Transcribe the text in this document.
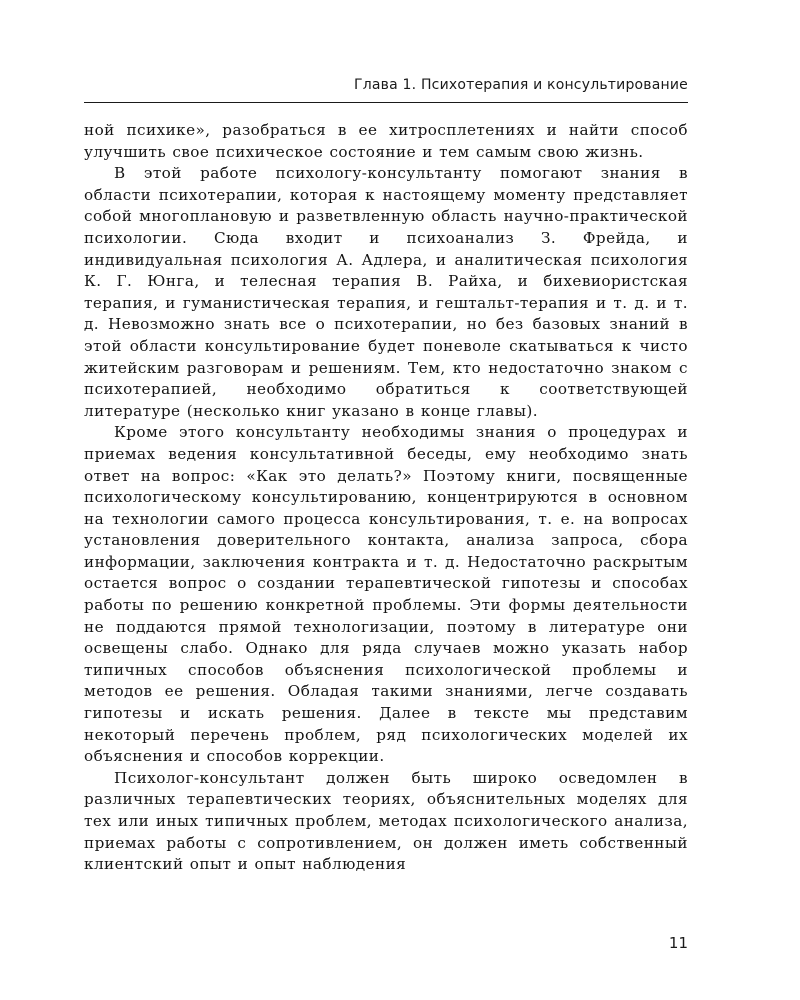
Глава 1. Психотерапия и консультирование

ной психике», разобраться в ее хитросплетениях и найти способ улучшить свое психическое состояние и тем самым свою жизнь.

В этой работе психологу-консультанту помогают знания в области психотерапии, которая к настоящему моменту представляет собой многоплановую и разветвленную область научно-практической психологии. Сюда входит и психоанализ З. Фрейда, и индивидуальная психология А. Адлера, и аналитическая психология К. Г. Юнга, и телесная терапия В. Райха, и бихевиористская терапия, и гуманистическая терапия, и гештальт-терапия и т. д. и т. д. Невозможно знать все о психотерапии, но без базовых знаний в этой области консультирование будет поневоле скатываться к чисто житейским разговорам и решениям. Тем, кто недостаточно знаком с психотерапией, необходимо обратиться к соответствующей литературе (несколько книг указано в конце главы).

Кроме этого консультанту необходимы знания о процедурах и приемах ведения консультативной беседы, ему необходимо знать ответ на вопрос: «Как это делать?» Поэтому книги, посвященные психологическому консультированию, концентрируются в основном на технологии самого процесса консультирования, т. е. на вопросах установления доверительного контакта, анализа запроса, сбора информации, заключения контракта и т. д. Недостаточно раскрытым остается вопрос о создании терапевтической гипотезы и способах работы по решению конкретной проблемы. Эти формы деятельности не поддаются прямой технологизации, поэтому в литературе они освещены слабо. Однако для ряда случаев можно указать набор типичных способов объяснения психологической проблемы и методов ее решения. Обладая такими знаниями, легче создавать гипотезы и искать решения. Далее в тексте мы представим некоторый перечень проблем, ряд психологических моделей их объяснения и способов коррекции.

Психолог-консультант должен быть широко осведомлен в различных терапевтических теориях, объяснительных моделях для тех или иных типичных проблем, методах психологического анализа, приемах работы с сопротивлением, он должен иметь собственный клиентский опыт и опыт наблюдения

11
